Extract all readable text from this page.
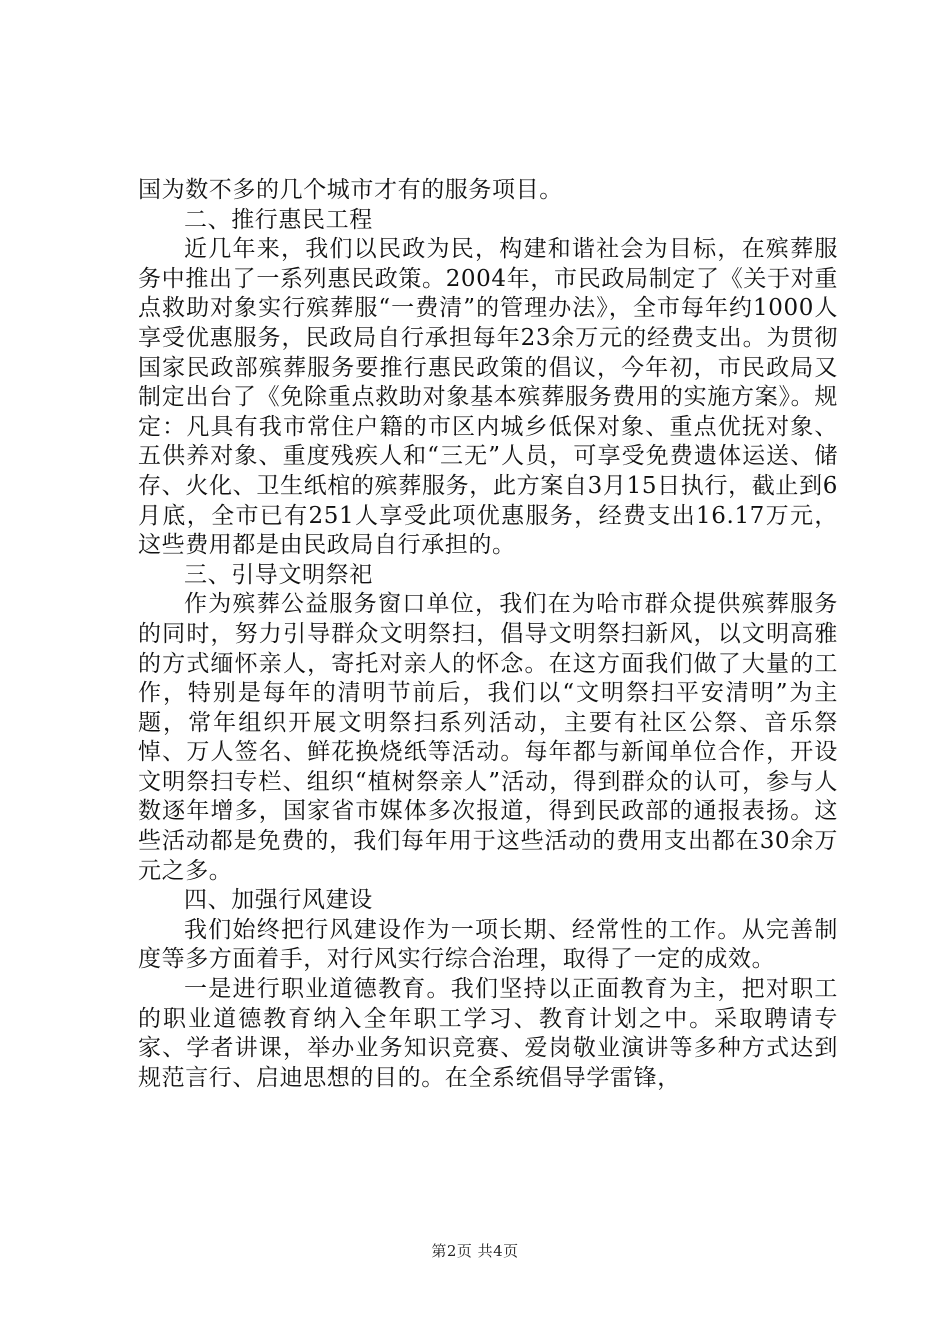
国为数不多的几个城市才有的服务项目。

二、推行惠民工程

近几年来，我们以民政为民，构建和谐社会为目标，在殡葬服务中推出了一系列惠民政策。2004年，市民政局制定了《关于对重点救助对象实行殡葬服“一费清”的管理办法》，全市每年约1000人享受优惠服务，民政局自行承担每年23余万元的经费支出。为贯彻国家民政部殡葬服务要推行惠民政策的倡议，今年初，市民政局又制定出台了《免除重点救助对象基本殡葬服务费用的实施方案》。规定：凡具有我市常住户籍的市区内城乡低保对象、重点优抚对象、五供养对象、重度残疾人和“三无”人员，可享受免费遗体运送、储存、火化、卫生纸棺的殡葬服务，此方案自3月15日执行，截止到6月底，全市已有251人享受此项优惠服务，经费支出16.17万元，这些费用都是由民政局自行承担的。

三、引导文明祭祀

作为殡葬公益服务窗口单位，我们在为哈市群众提供殡葬服务的同时，努力引导群众文明祭扫，倡导文明祭扫新风，以文明高雅的方式缅怀亲人，寄托对亲人的怀念。在这方面我们做了大量的工作，特别是每年的清明节前后，我们以“文明祭扫平安清明”为主题，常年组织开展文明祭扫系列活动，主要有社区公祭、音乐祭悼、万人签名、鲜花换烧纸等活动。每年都与新闻单位合作，开设文明祭扫专栏、组织“植树祭亲人”活动，得到群众的认可，参与人数逐年增多，国家省市媒体多次报道，得到民政部的通报表扬。这些活动都是免费的，我们每年用于这些活动的费用支出都在30余万元之多。

四、加强行风建设

我们始终把行风建设作为一项长期、经常性的工作。从完善制度等多方面着手，对行风实行综合治理，取得了一定的成效。

一是进行职业道德教育。我们坚持以正面教育为主，把对职工的职业道德教育纳入全年职工学习、教育计划之中。采取聘请专家、学者讲课，举办业务知识竞赛、爱岗敬业演讲等多种方式达到规范言行、启迪思想的目的。在全系统倡导学雷锋，

第2页 共4页
